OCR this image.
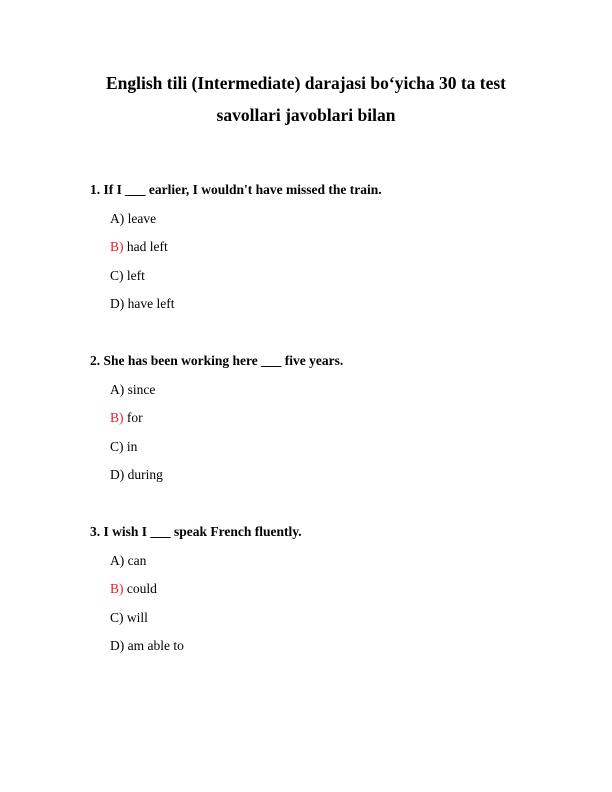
English tili (Intermediate) darajasi bo‘yicha 30 ta test
savollari javoblari bilan
1. If I ___ earlier, I wouldn't have missed the train.
A) leave
B) had left
C) left
D) have left
2. She has been working here ___ five years.
A) since
B) for
C) in
D) during
3. I wish I ___ speak French fluently.
A) can
B) could
C) will
D) am able to
